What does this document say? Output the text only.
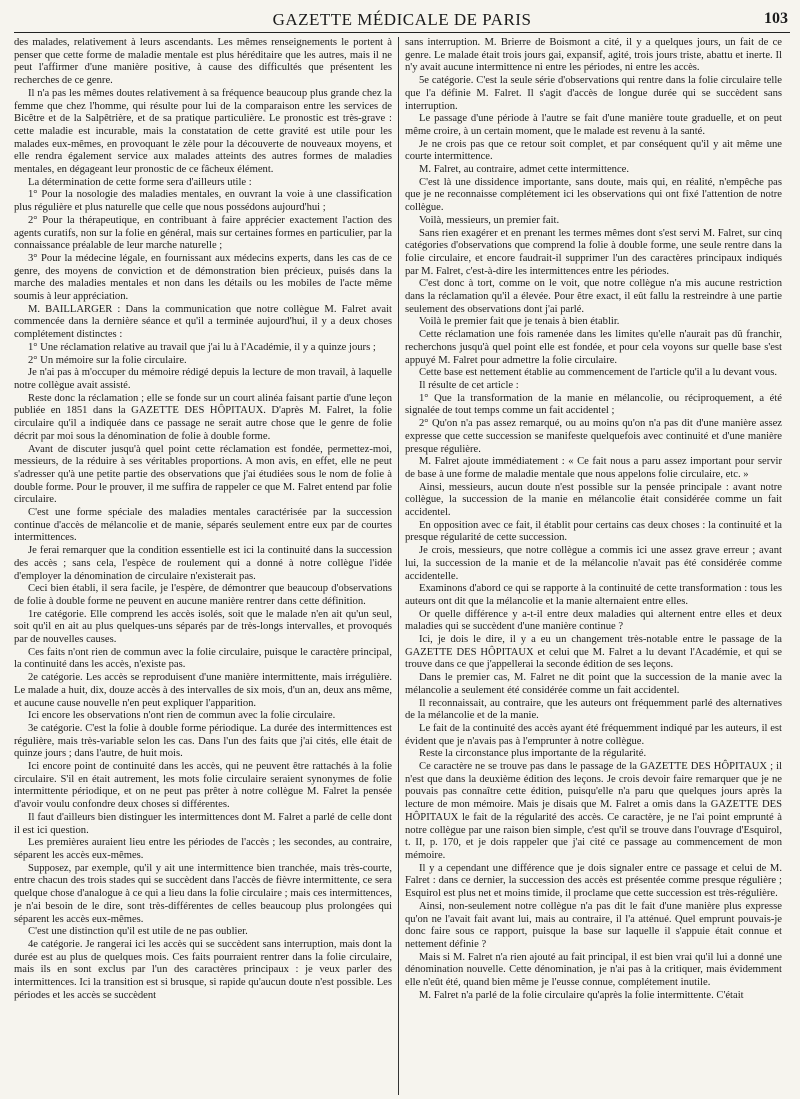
GAZETTE MÉDICALE DE PARIS	103

des malades, relativement à leurs ascendants. Les mêmes renseignements le portent à penser que cette forme de maladie mentale est plus héréditaire que les autres, mais il ne peut l'affirmer d'une manière positive, à cause des difficultés que présentent les recherches de ce genre.

Il n'a pas les mêmes doutes relativement à sa fréquence beaucoup plus grande chez la femme que chez l'homme, qui résulte pour lui de la comparaison entre les services de Bicêtre et de la Salpêtrière, et de sa pratique particulière. Le pronostic est très-grave : cette maladie est incurable, mais la constatation de cette gravité est utile pour les malades eux-mêmes, en provoquant le zèle pour la découverte de nouveaux moyens, et elle rendra également service aux malades atteints des autres formes de maladies mentales, en dégageant leur pronostic de ce fâcheux élément.

La détermination de cette forme sera d'ailleurs utile :

1° Pour la nosologie des maladies mentales, en ouvrant la voie à une classification plus régulière et plus naturelle que celle que nous possédons aujourd'hui ;

2° Pour la thérapeutique, en contribuant à faire apprécier exactement l'action des agents curatifs, non sur la folie en général, mais sur certaines formes en particulier, par la connaissance préalable de leur marche naturelle ;

3° Pour la médecine légale, en fournissant aux médecins experts, dans les cas de ce genre, des moyens de conviction et de démonstration bien précieux, puisés dans la marche des maladies mentales et non dans les détails ou les mobiles de l'acte même soumis à leur appréciation.

M. BAILLARGER : Dans la communication que notre collègue M. Falret avait commencée dans la dernière séance et qu'il a terminée aujourd'hui, il y a deux choses complétement distinctes :

1° Une réclamation relative au travail que j'ai lu à l'Académie, il y a quinze jours ;

2° Un mémoire sur la folie circulaire.

Je n'ai pas à m'occuper du mémoire rédigé depuis la lecture de mon travail, à laquelle notre collègue avait assisté.

Reste donc la réclamation ; elle se fonde sur un court alinéa faisant partie d'une leçon publiée en 1851 dans la GAZETTE DES HÔPITAUX. D'après M. Falret, la folie circulaire qu'il a indiquée dans ce passage ne serait autre chose que le genre de folie décrit par moi sous la dénomination de folie à double forme.

Avant de discuter jusqu'à quel point cette réclamation est fondée, permettez-moi, messieurs, de la réduire à ses véritables proportions. A mon avis, en effet, elle ne peut s'adresser qu'à une petite partie des observations que j'ai étudiées sous le nom de folie à double forme. Pour le prouver, il me suffira de rappeler ce que M. Falret entend par folie circulaire.

C'est une forme spéciale des maladies mentales caractérisée par la succession continue d'accès de mélancolie et de manie, séparés seulement entre eux par de courtes intermittences.

Je ferai remarquer que la condition essentielle est ici la continuité dans la succession des accès ; sans cela, l'espèce de roulement qui a donné à notre collègue l'idée d'employer la dénomination de circulaire n'existerait pas.

Ceci bien établi, il sera facile, je l'espère, de démontrer que beaucoup d'observations de folie à double forme ne peuvent en aucune manière rentrer dans cette définition.

1re catégorie. Elle comprend les accès isolés, soit que le malade n'en ait qu'un seul, soit qu'il en ait au plus quelques-uns séparés par de très-longs intervalles, et provoqués par de nouvelles causes.

Ces faits n'ont rien de commun avec la folie circulaire, puisque le caractère principal, la continuité dans les accès, n'existe pas.

2e catégorie. Les accès se reproduisent d'une manière intermittente, mais irrégulière. Le malade a huit, dix, douze accès à des intervalles de six mois, d'un an, deux ans même, et aucune cause nouvelle n'en peut expliquer l'apparition.

Ici encore les observations n'ont rien de commun avec la folie circulaire.

3e catégorie. C'est la folie à double forme périodique. La durée des intermittences est régulière, mais très-variable selon les cas. Dans l'un des faits que j'ai cités, elle était de quinze jours ; dans l'autre, de huit mois.

Ici encore point de continuité dans les accès, qui ne peuvent être rattachés à la folie circulaire. S'il en était autrement, les mots folie circulaire seraient synonymes de folie intermittente périodique, et on ne peut pas prêter à notre collègue M. Falret la pensée d'avoir voulu confondre deux choses si différentes.

Il faut d'ailleurs bien distinguer les intermittences dont M. Falret a parlé de celle dont il est ici question.

Les premières auraient lieu entre les périodes de l'accès ; les secondes, au contraire, séparent les accès eux-mêmes.

Supposez, par exemple, qu'il y ait une intermittence bien tranchée, mais très-courte, entre chacun des trois stades qui se succèdent dans l'accès de fièvre intermittente, ce sera quelque chose d'analogue à ce qui a lieu dans la folie circulaire ; mais ces intermittences, je n'ai besoin de le dire, sont très-différentes de celles beaucoup plus prolongées qui séparent les accès eux-mêmes.

C'est une distinction qu'il est utile de ne pas oublier.

4e catégorie. Je rangerai ici les accès qui se succèdent sans interruption, mais dont la durée est au plus de quelques mois. Ces faits pourraient rentrer dans la folie circulaire, mais ils en sont exclus par l'un des caractères principaux : je veux parler des intermittences. Ici la transition est si brusque, si rapide qu'aucun doute n'est possible. Les périodes et les accès se succèdent

sans interruption. M. Brierre de Boismont a cité, il y a quelques jours, un fait de ce genre. Le malade était trois jours gai, expansif, agité, trois jours triste, abattu et inerte. Il n'y avait aucune intermittence ni entre les périodes, ni entre les accès.

5e catégorie. C'est la seule série d'observations qui rentre dans la folie circulaire telle que l'a définie M. Falret. Il s'agit d'accès de longue durée qui se succèdent sans interruption.

Le passage d'une période à l'autre se fait d'une manière toute graduelle, et on peut même croire, à un certain moment, que le malade est revenu à la santé.

Je ne crois pas que ce retour soit complet, et par conséquent qu'il y ait même une courte intermittence.

M. Falret, au contraire, admet cette intermittence.

C'est là une dissidence importante, sans doute, mais qui, en réalité, n'empêche pas que je ne reconnaisse complétement ici les observations qui ont fixé l'attention de notre collègue.

Voilà, messieurs, un premier fait.

Sans rien exagérer et en prenant les termes mêmes dont s'est servi M. Falret, sur cinq catégories d'observations que comprend la folie à double forme, une seule rentre dans la folie circulaire, et encore faudrait-il supprimer l'un des caractères principaux indiqués par M. Falret, c'est-à-dire les intermittences entre les périodes.

C'est donc à tort, comme on le voit, que notre collègue n'a mis aucune restriction dans la réclamation qu'il a élevée. Pour être exact, il eût fallu la restreindre à une partie seulement des observations dont j'ai parlé.

Voilà le premier fait que je tenais à bien établir.

Cette réclamation une fois ramenée dans les limites qu'elle n'aurait pas dû franchir, recherchons jusqu'à quel point elle est fondée, et pour cela voyons sur quelle base s'est appuyé M. Falret pour admettre la folie circulaire.

Cette base est nettement établie au commencement de l'article qu'il a lu devant vous.

Il résulte de cet article :

1° Que la transformation de la manie en mélancolie, ou réciproquement, a été signalée de tout temps comme un fait accidentel ;

2° Qu'on n'a pas assez remarqué, ou au moins qu'on n'a pas dit d'une manière assez expresse que cette succession se manifeste quelquefois avec continuité et d'une manière presque régulière.

M. Falret ajoute immédiatement : « Ce fait nous a paru assez important pour servir de base à une forme de maladie mentale que nous appelons folie circulaire, etc. »

Ainsi, messieurs, aucun doute n'est possible sur la pensée principale : avant notre collègue, la succession de la manie en mélancolie était considérée comme un fait accidentel.

En opposition avec ce fait, il établit pour certains cas deux choses : la continuité et la presque régularité de cette succession.

Je crois, messieurs, que notre collègue a commis ici une assez grave erreur ; avant lui, la succession de la manie et de la mélancolie n'avait pas été considérée comme accidentelle.

Examinons d'abord ce qui se rapporte à la continuité de cette transformation : tous les auteurs ont dit que la mélancolie et la manie alternaient entre elles.

Or quelle différence y a-t-il entre deux maladies qui alternent entre elles et deux maladies qui se succèdent d'une manière continue ?

Ici, je dois le dire, il y a eu un changement très-notable entre le passage de la GAZETTE DES HÔPITAUX et celui que M. Falret a lu devant l'Académie, et qui se trouve dans ce que j'appellerai la seconde édition de ses leçons.

Dans le premier cas, M. Falret ne dit point que la succession de la manie avec la mélancolie a seulement été considérée comme un fait accidentel.

Il reconnaissait, au contraire, que les auteurs ont fréquemment parlé des alternatives de la mélancolie et de la manie.

Le fait de la continuité des accès ayant été fréquemment indiqué par les auteurs, il est évident que je n'avais pas à l'emprunter à notre collègue.

Reste la circonstance plus importante de la régularité.

Ce caractère ne se trouve pas dans le passage de la GAZETTE DES HÔPITAUX ; il n'est que dans la deuxième édition des leçons. Je crois devoir faire remarquer que je ne pouvais pas connaître cette édition, puisqu'elle n'a paru que quelques jours après la lecture de mon mémoire. Mais je disais que M. Falret a omis dans la GAZETTE DES HÔPITAUX le fait de la régularité des accès. Ce caractère, je ne l'ai point emprunté à notre collègue par une raison bien simple, c'est qu'il se trouve dans l'ouvrage d'Esquirol, t. II, p. 170, et je dois rappeler que j'ai cité ce passage au commencement de mon mémoire.

Il y a cependant une différence que je dois signaler entre ce passage et celui de M. Falret : dans ce dernier, la succession des accès est présentée comme presque régulière ; Esquirol est plus net et moins timide, il proclame que cette succession est très-régulière.

Ainsi, non-seulement notre collègue n'a pas dit le fait d'une manière plus expresse qu'on ne l'avait fait avant lui, mais au contraire, il l'a atténué. Quel emprunt pouvais-je donc faire sous ce rapport, puisque la base sur laquelle il s'appuie était connue et nettement définie ?

Mais si M. Falret n'a rien ajouté au fait principal, il est bien vrai qu'il lui a donné une dénomination nouvelle. Cette dénomination, je n'ai pas à la critiquer, mais évidemment elle n'eût été, quand bien même je l'eusse connue, complétement inutile.

M. Falret n'a parlé de la folie circulaire qu'après la folie intermittente. C'était
